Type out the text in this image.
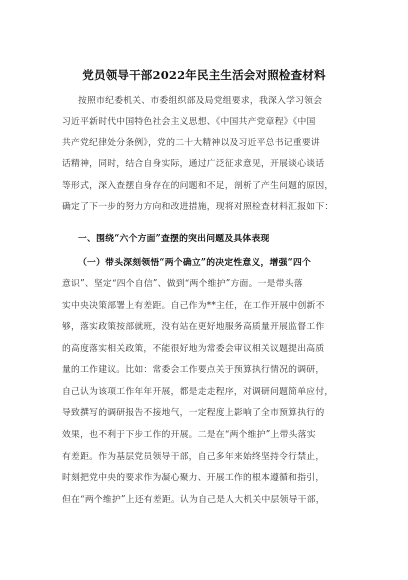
党员领导干部2022年民主生活会对照检查材料
按照市纪委机关、市委组织部及局党组要求，我深入学习领会
习近平新时代中国特色社会主义思想、《中国共产党章程》《中国
共产党纪律处分条例》，党的二十大精神以及习近平总书记重要讲
话精神，同时，结合自身实际，通过广泛征求意见，开展谈心谈话
等形式，深入查摆自身存在的问题和不足，剖析了产生问题的原因，
确定了下一步的努力方向和改进措施，现将对照检查材料汇报如下：
一、围绕“六个方面”查摆的突出问题及具体表现
（一）带头深刻领悟“两个确立”的决定性意义，增强“四个
意识”、坚定“四个自信”、做到“两个维护”方面。一是带头落
实中央决策部署上有差距。自己作为**主任，在工作开展中创新不
够，落实政策按部就班，没有站在更好地服务高质量开展监督工作
的高度落实相关政策，不能很好地为常委会审议相关议题提出高质
量的工作建议。比如：常委会工作要点关于预算执行情况的调研，
自己认为该项工作年年开展，都是走走程序，对调研问题简单应付，
导致撰写的调研报告不接地气，一定程度上影响了全市预算执行的
效果，也不利于下步工作的开展。二是在“两个维护”上带头落实
有差距。作为基层党员领导干部，自己多年来始终坚持令行禁止，
时刻把党中央的要求作为凝心聚力、开展工作的根本遵循和指引，
但在“两个维护”上还有差距。认为自己是人大机关中层领导干部，
